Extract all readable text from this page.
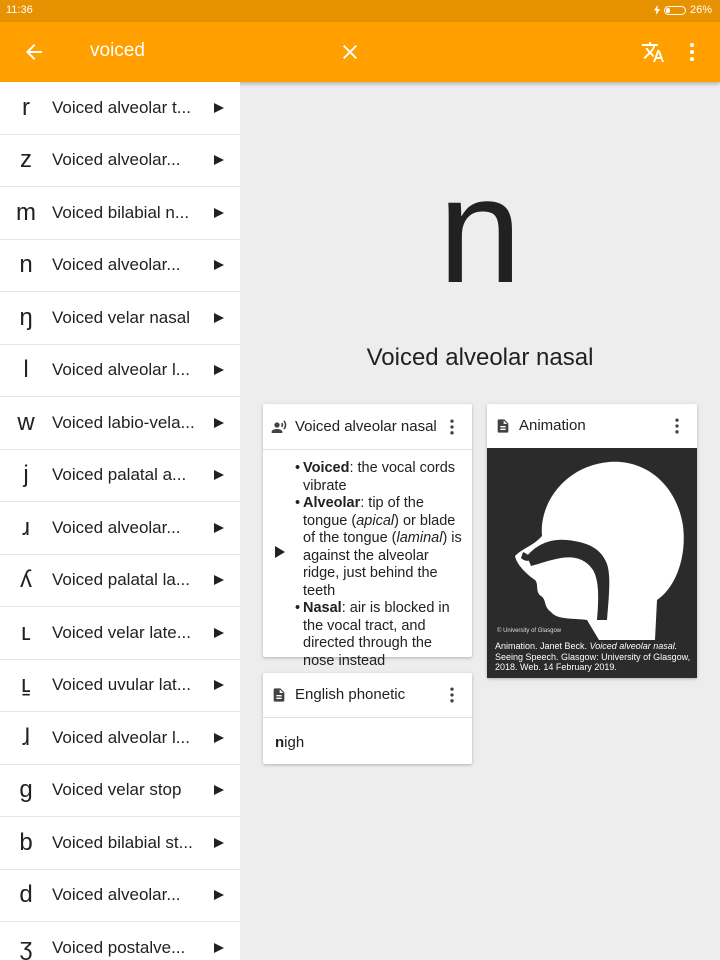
11:36	26%
voiced
r	Voiced alveolar t...
z	Voiced alveolar...
m Voiced bilabial n...
n	Voiced alveolar...
ŋ	Voiced velar nasal
l	Voiced alveolar l...
w	Voiced labio-vela...
j	Voiced palatal a...
ɹ	Voiced alveolar...
ʎ	Voiced palatal la...
ʟ	Voiced velar late...
ʟ̠	Voiced uvular lat...
ɺ	Voiced alveolar l...
g	Voiced velar stop
b	Voiced bilabial st...
d	Voiced alveolar...
ʒ	Voiced postalve...
n
Voiced alveolar nasal
Voiced alveolar nasal
• Voiced: the vocal cords vibrate
• Alveolar: tip of the tongue (apical) or blade of the tongue (laminal) is against the alveolar ridge, just behind the teeth
• Nasal: air is blocked in the vocal tract, and directed through the nose instead
English phonetic
nigh
Animation
© University of Glasgow
Animation. Janet Beck. Voiced alveolar nasal. Seeing Speech. Glasgow: University of Glasgow, 2018. Web. 14 February 2019.
